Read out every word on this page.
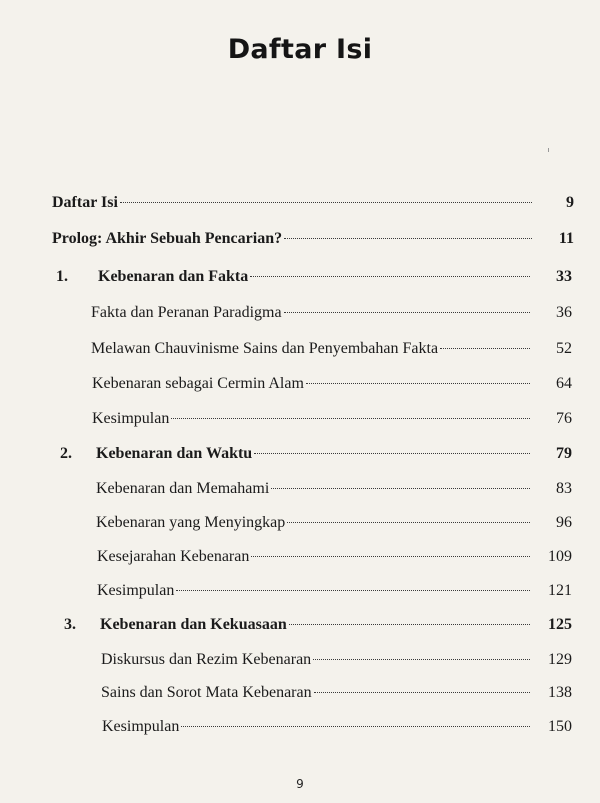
Daftar Isi
Daftar Isi	9
Prolog: Akhir Sebuah Pencarian?	11
1.	Kebenaran dan Fakta	33
Fakta dan Peranan Paradigma	36
Melawan Chauvinisme Sains dan Penyembahan Fakta	52
Kebenaran sebagai Cermin Alam	64
Kesimpulan	76
2.	Kebenaran dan Waktu	79
Kebenaran dan Memahami	83
Kebenaran yang Menyingkap	96
Kesejarahan Kebenaran	109
Kesimpulan	121
3.	Kebenaran dan Kekuasaan	125
Diskursus dan Rezim Kebenaran	129
Sains dan Sorot Mata Kebenaran	138
Kesimpulan	150
9
